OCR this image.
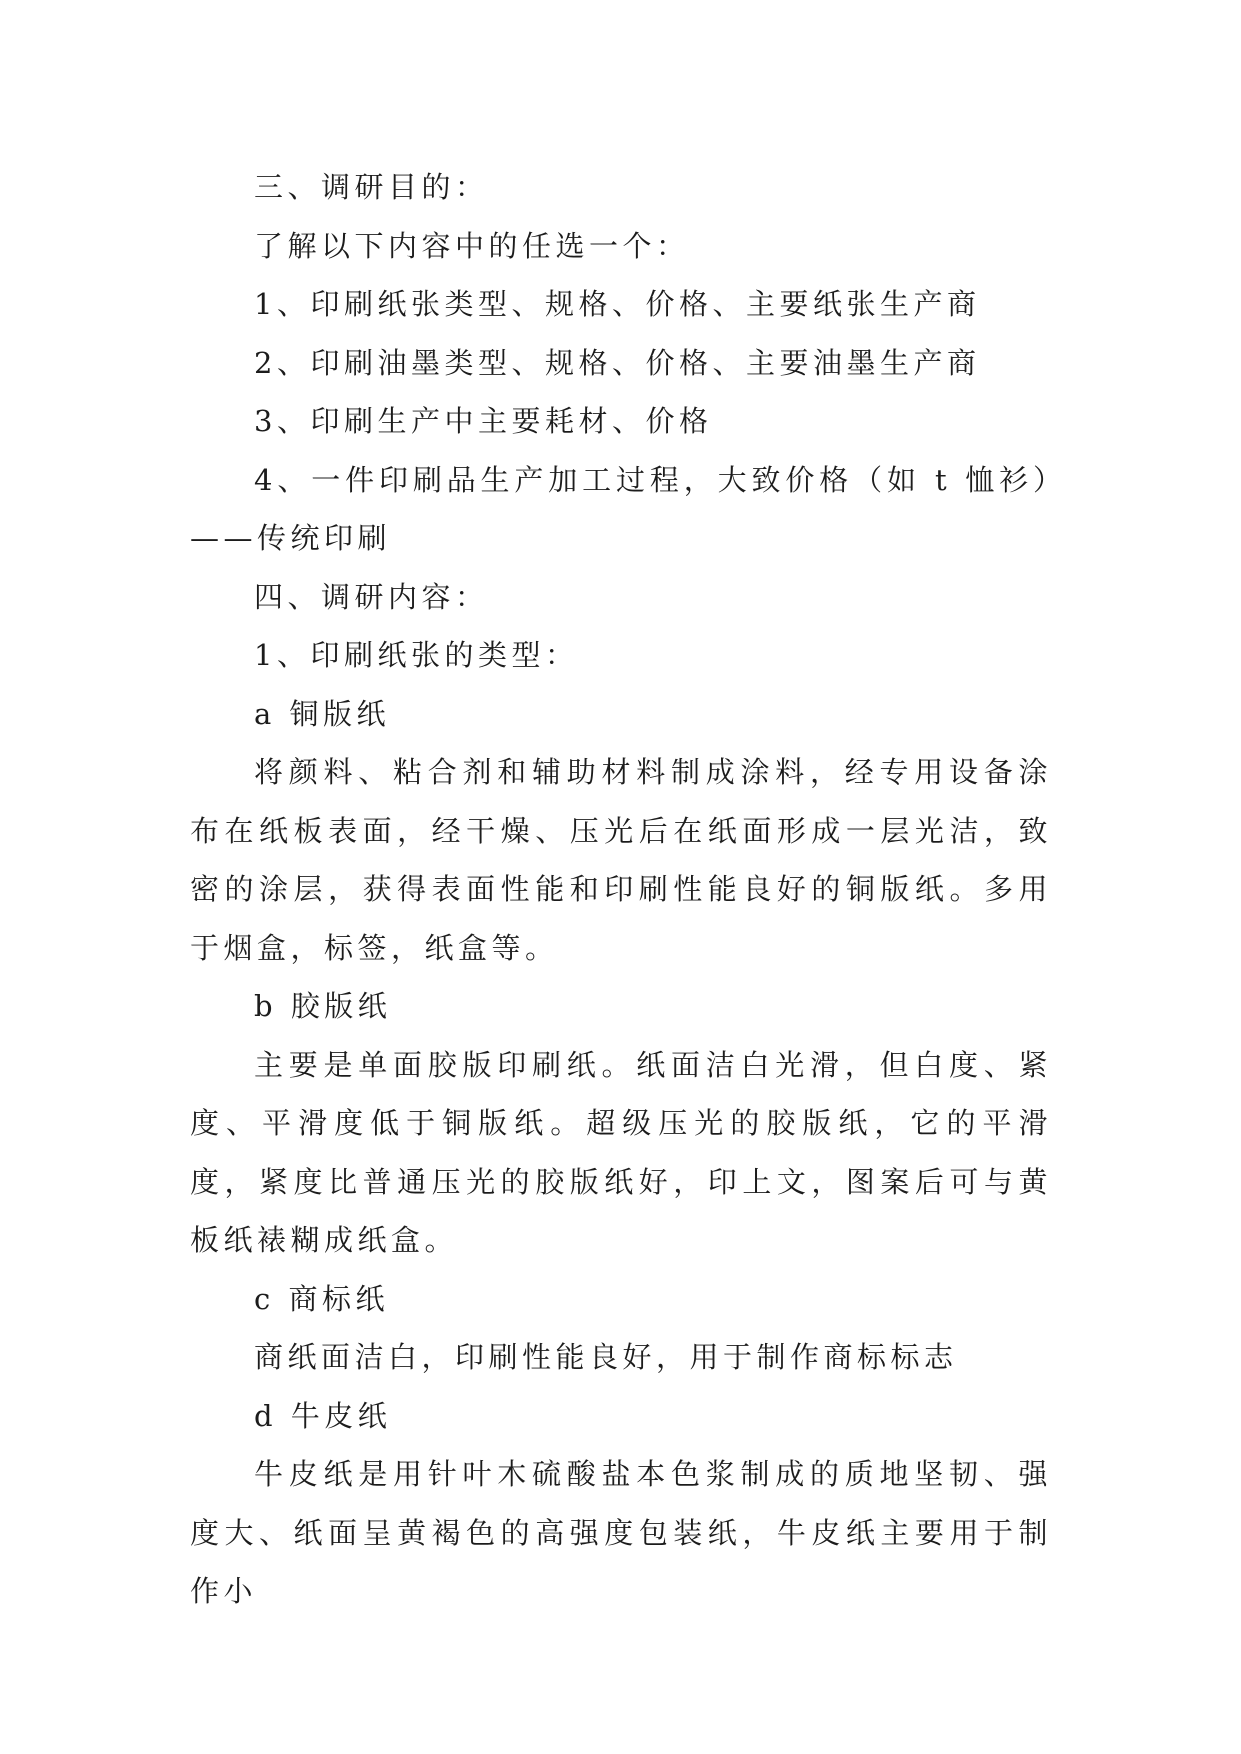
三、调研目的：

了解以下内容中的任选一个：

1、印刷纸张类型、规格、价格、主要纸张生产商

2、印刷油墨类型、规格、价格、主要油墨生产商

3、印刷生产中主要耗材、价格

4、一件印刷品生产加工过程，大致价格（如 t 恤衫）——传统印刷

四、调研内容：

1、印刷纸张的类型：

a 铜版纸

将颜料、粘合剂和辅助材料制成涂料，经专用设备涂布在纸板表面，经干燥、压光后在纸面形成一层光洁，致密的涂层，获得表面性能和印刷性能良好的铜版纸。多用于烟盒，标签，纸盒等。

b 胶版纸

主要是单面胶版印刷纸。纸面洁白光滑，但白度、紧度、平滑度低于铜版纸。超级压光的胶版纸，它的平滑度，紧度比普通压光的胶版纸好，印上文，图案后可与黄板纸裱糊成纸盒。

c 商标纸

商纸面洁白，印刷性能良好，用于制作商标标志

d 牛皮纸

牛皮纸是用针叶木硫酸盐本色浆制成的质地坚韧、强度大、纸面呈黄褐色的高强度包装纸，牛皮纸主要用于制作小
